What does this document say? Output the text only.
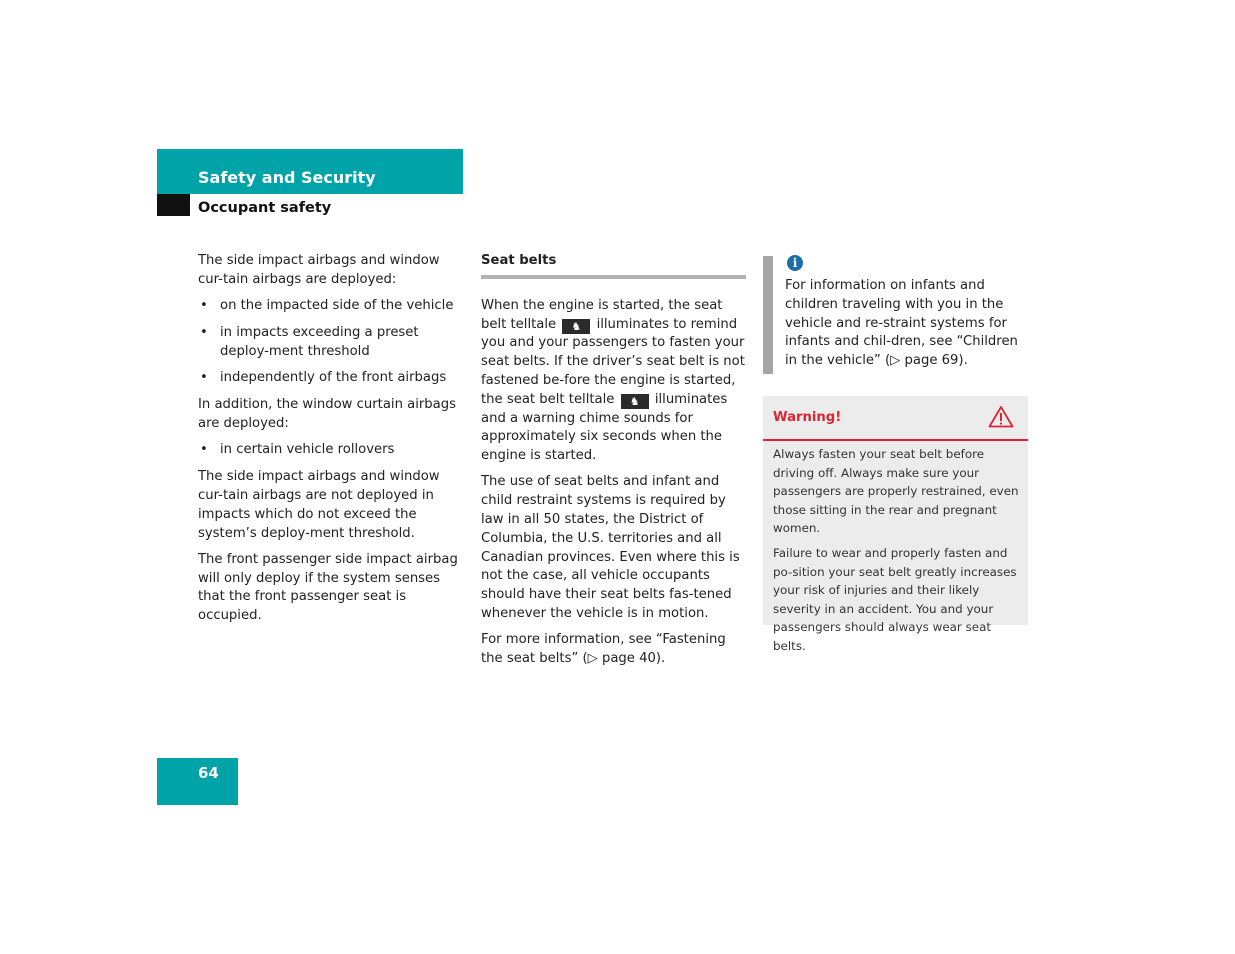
Safety and Security
Occupant safety

The side impact airbags and window cur-tain airbags are deployed:

• on the impacted side of the vehicle
• in impacts exceeding a preset deploy-ment threshold
• independently of the front airbags

In addition, the window curtain airbags are deployed:

• in certain vehicle rollovers

The side impact airbags and window cur-tain airbags are not deployed in impacts which do not exceed the system’s deploy-ment threshold.

The front passenger side impact airbag will only deploy if the system senses that the front passenger seat is occupied.

Seat belts

When the engine is started, the seat belt telltale ♞ illuminates to remind you and your passengers to fasten your seat belts. If the driver’s seat belt is not fastened be-fore the engine is started, the seat belt telltale ♞ illuminates and a warning chime sounds for approximately six seconds when the engine is started.

The use of seat belts and infant and child restraint systems is required by law in all 50 states, the District of Columbia, the U.S. territories and all Canadian provinces. Even where this is not the case, all vehicle occupants should have their seat belts fas-tened whenever the vehicle is in motion.

For more information, see “Fastening the seat belts” (▷ page 40).

i
For information on infants and children traveling with you in the vehicle and re-straint systems for infants and chil-dren, see “Children in the vehicle” (▷ page 69).
Warning!

Always fasten your seat belt before driving off. Always make sure your passengers are properly restrained, even those sitting in the rear and pregnant women.

Failure to wear and properly fasten and po-sition your seat belt greatly increases your risk of injuries and their likely severity in an accident. You and your passengers should always wear seat belts.

64
